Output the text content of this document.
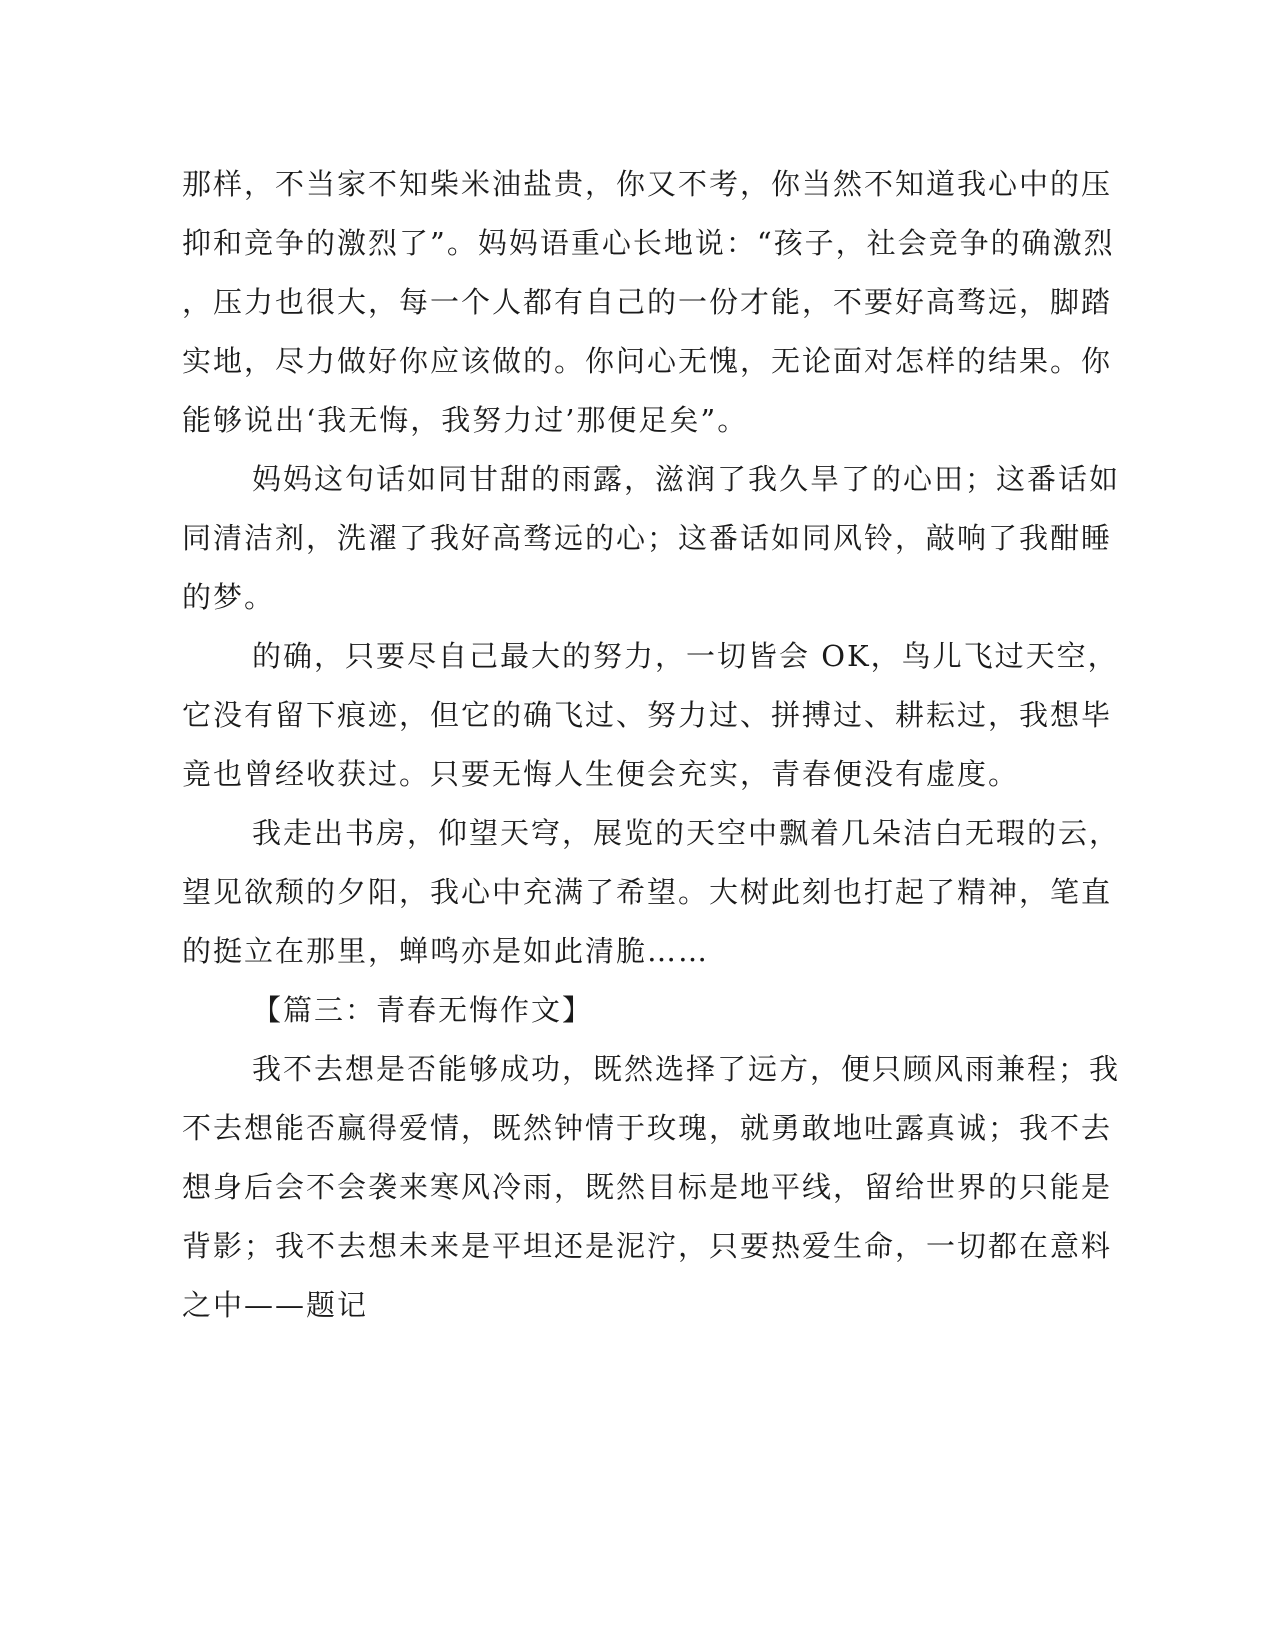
那样，不当家不知柴米油盐贵，你又不考，你当然不知道我心中的压
抑和竞争的激烈了”。妈妈语重心长地说：“孩子，社会竞争的确激烈
，压力也很大，每一个人都有自己的一份才能，不要好高骛远，脚踏
实地，尽力做好你应该做的。你问心无愧，无论面对怎样的结果。你
能够说出‘我无悔，我努力过’那便足矣”。
妈妈这句话如同甘甜的雨露，滋润了我久旱了的心田；这番话如
同清洁剂，洗濯了我好高骛远的心；这番话如同风铃，敲响了我酣睡
的梦。
的确，只要尽自己最大的努力，一切皆会 OK，鸟儿飞过天空，
它没有留下痕迹，但它的确飞过、努力过、拼搏过、耕耘过，我想毕
竟也曾经收获过。只要无悔人生便会充实，青春便没有虚度。
我走出书房，仰望天穹，展览的天空中飘着几朵洁白无瑕的云，
望见欲颓的夕阳，我心中充满了希望。大树此刻也打起了精神，笔直
的挺立在那里，蝉鸣亦是如此清脆……
【篇三：青春无悔作文】
我不去想是否能够成功，既然选择了远方，便只顾风雨兼程；我
不去想能否赢得爱情，既然钟情于玫瑰，就勇敢地吐露真诚；我不去
想身后会不会袭来寒风冷雨，既然目标是地平线，留给世界的只能是
背影；我不去想未来是平坦还是泥泞，只要热爱生命，一切都在意料
之中——题记
